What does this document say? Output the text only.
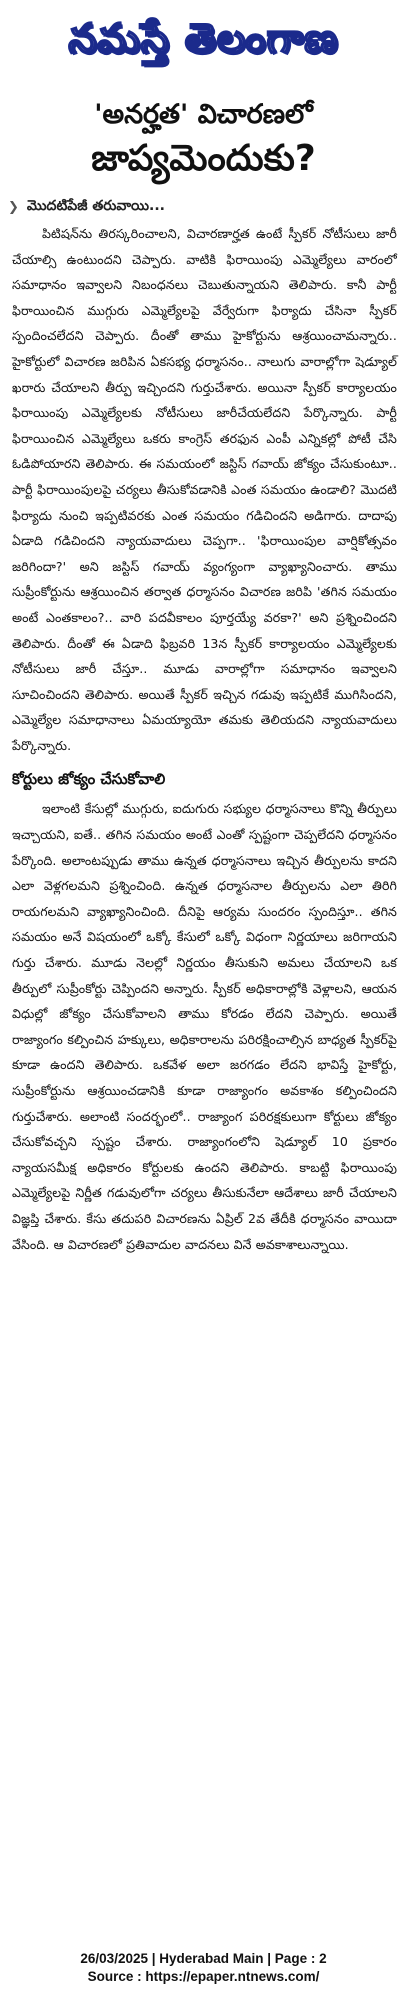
నమస్తే తెలంగాణ
'అనర్హత' విచారణలో
జాప్యమెందుకు?
❯ మొదటిపేజీ తరువాయి...

పిటిషన్‌ను తిరస్కరించాలని, విచారణార్హత ఉంటే స్పీకర్ నోటీసులు జారీ చేయాల్సి ఉంటుందని చెప్పారు. వాటికి ఫిరాయింపు ఎమ్మెల్యేలు వారంలో సమాధానం ఇవ్వాలని నిబంధనలు చెబుతున్నాయని తెలిపారు. కానీ పార్టీ ఫిరాయించిన ముగ్గురు ఎమ్మెల్యేలపై వేర్వేరుగా ఫిర్యాదు చేసినా స్పీకర్ స్పందించలేదని చెప్పారు. దీంతో తాము హైకోర్టును ఆశ్రయించామన్నారు.. హైకోర్టులో విచారణ జరిపిన ఏకసభ్య ధర్మాసనం.. నాలుగు వారాల్లోగా షెడ్యూల్ ఖరారు చేయాలని తీర్పు ఇచ్చిందని గుర్తుచేశారు. అయినా స్పీకర్ కార్యాలయం ఫిరాయింపు ఎమ్మెల్యేలకు నోటీసులు జారీచేయలేదని పేర్కొన్నారు. పార్టీ ఫిరాయించిన ఎమ్మెల్యేలు ఒకరు కాంగ్రెస్ తరఫున ఎంపీ ఎన్నికల్లో పోటీ చేసి ఓడిపోయారని తెలిపారు. ఈ సమయంలో జస్టిస్ గవాయ్ జోక్యం చేసుకుంటూ.. పార్టీ ఫిరాయింపులపై చర్యలు తీసుకోవడానికి ఎంత సమయం ఉండాలి? మొదటి ఫిర్యాదు నుంచి ఇప్పటివరకు ఎంత సమయం గడిచిందని అడిగారు. దాదాపు ఏడాది గడిచిందని న్యాయవాదులు చెప్పగా.. 'ఫిరాయింపుల వార్షికోత్సవం జరిగిందా?' అని జస్టిస్ గవాయ్ వ్యంగ్యంగా వ్యాఖ్యానించారు. తాము సుప్రీంకోర్టును ఆశ్రయించిన తర్వాత ధర్మాసనం విచారణ జరిపి 'తగిన సమయం అంటే ఎంతకాలం?.. వారి పదవీకాలం పూర్తయ్యే వరకా?' అని ప్రశ్నించిందని తెలిపారు. దీంతో ఈ ఏడాది ఫిబ్రవరి 13న స్పీకర్ కార్యాలయం ఎమ్మెల్యేలకు నోటీసులు జారీ చేస్తూ.. మూడు వారాల్లోగా సమాధానం ఇవ్వాలని సూచించిందని తెలిపారు. అయితే స్పీకర్ ఇచ్చిన గడువు ఇప్పటికే ముగిసిందని, ఎమ్మెల్యేల సమాధానాలు ఏమయ్యాయో తమకు తెలియదని న్యాయవాదులు పేర్కొన్నారు.

కోర్టులు జోక్యం చేసుకోవాలి

ఇలాంటి కేసుల్లో ముగ్గురు, ఐదుగురు సభ్యుల ధర్మాసనాలు కొన్ని తీర్పులు ఇచ్చాయని, ఐతే.. తగిన సమయం అంటే ఎంతో స్పష్టంగా చెప్పలేదని ధర్మాసనం పేర్కొంది. అలాంటప్పుడు తాము ఉన్నత ధర్మాసనాలు ఇచ్చిన తీర్పులను కాదని ఎలా వెళ్లగలమని ప్రశ్నించింది. ఉన్నత ధర్మాసనాల తీర్పులను ఎలా తిరిగి రాయగలమని వ్యాఖ్యానించింది. దీనిపై ఆర్యమ సుందరం స్పందిస్తూ.. తగిన సమయం అనే విషయంలో ఒక్కో కేసులో ఒక్కో విధంగా నిర్ణయాలు జరిగాయని గుర్తు చేశారు. మూడు నెలల్లో నిర్ణయం తీసుకుని అమలు చేయాలని ఒక తీర్పులో సుప్రీంకోర్టు చెప్పిందని అన్నారు. స్పీకర్ అధికారాల్లోకి వెళ్లాలని, ఆయన విధుల్లో జోక్యం చేసుకోవాలని తాము కోరడం లేదని చెప్పారు. అయితే రాజ్యాంగం కల్పించిన హక్కులు, అధికారాలను పరిరక్షించాల్సిన బాధ్యత స్పీకర్‌పై కూడా ఉందని తెలిపారు. ఒకవేళ అలా జరగడం లేదని భావిస్తే హైకోర్టు, సుప్రీంకోర్టును ఆశ్రయించడానికి కూడా రాజ్యాంగం అవకాశం కల్పించిందని గుర్తుచేశారు. అలాంటి సందర్భంలో.. రాజ్యాంగ పరిరక్షకులుగా కోర్టులు జోక్యం చేసుకోవచ్చని స్పష్టం చేశారు. రాజ్యాంగంలోని షెడ్యూల్ 10 ప్రకారం న్యాయసమీక్ష అధికారం కోర్టులకు ఉందని తెలిపారు. కాబట్టి ఫిరాయింపు ఎమ్మెల్యేలపై నిర్ణీత గడువులోగా చర్యలు తీసుకునేలా ఆదేశాలు జారీ చేయాలని విజ్ఞప్తి చేశారు. కేసు తదుపరి విచారణను ఏప్రిల్ 2వ తేదీకి ధర్మాసనం వాయిదా వేసింది. ఆ విచారణలో ప్రతివాదుల వాదనలు వినే అవకాశాలున్నాయి.

26/03/2025 | Hyderabad Main | Page : 2
Source : https://epaper.ntnews.com/
